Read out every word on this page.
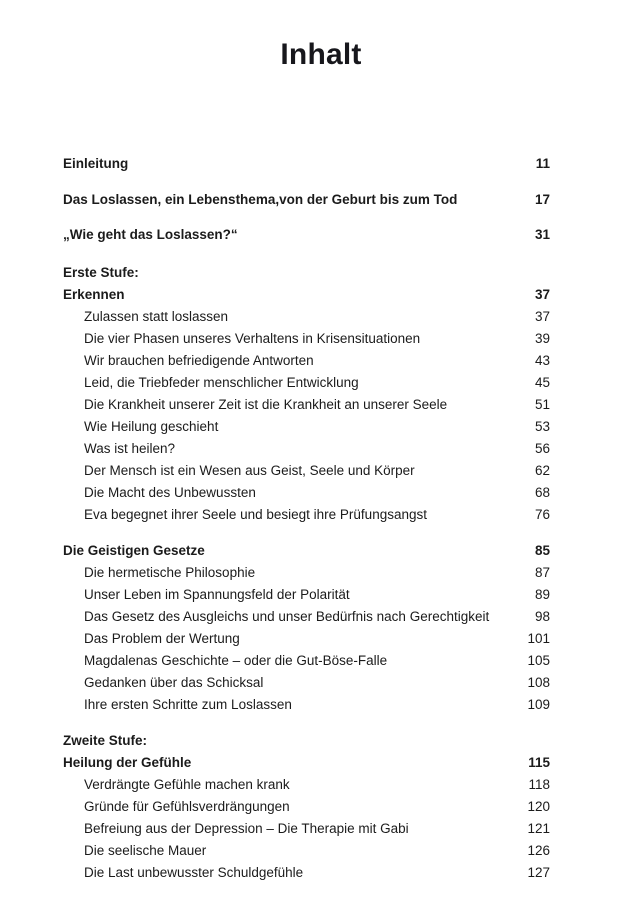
Inhalt
Einleitung	11
Das Loslassen, ein Lebensthema,von der Geburt bis zum Tod	17
„Wie geht das Loslassen?“	31
Erste Stufe:
Erkennen	37
Zulassen statt loslassen	37
Die vier Phasen unseres Verhaltens in Krisensituationen	39
Wir brauchen befriedigende Antworten	43
Leid, die Triebfeder menschlicher Entwicklung	45
Die Krankheit unserer Zeit ist die Krankheit an unserer Seele	51
Wie Heilung geschieht	53
Was ist heilen?	56
Der Mensch ist ein Wesen aus Geist, Seele und Körper	62
Die Macht des Unbewussten	68
Eva begegnet ihrer Seele und besiegt ihre Prüfungsangst	76
Die Geistigen Gesetze	85
Die hermetische Philosophie	87
Unser Leben im Spannungsfeld der Polarität	89
Das Gesetz des Ausgleichs und unser Bedürfnis nach Gerechtigkeit	98
Das Problem der Wertung	101
Magdalenas Geschichte – oder die Gut-Böse-Falle	105
Gedanken über das Schicksal	108
Ihre ersten Schritte zum Loslassen	109
Zweite Stufe:
Heilung der Gefühle	115
Verdrängte Gefühle machen krank	118
Gründe für Gefühlsverdrängungen	120
Befreiung aus der Depression – Die Therapie mit Gabi	121
Die seelische Mauer	126
Die Last unbewusster Schuldgefühle	127
